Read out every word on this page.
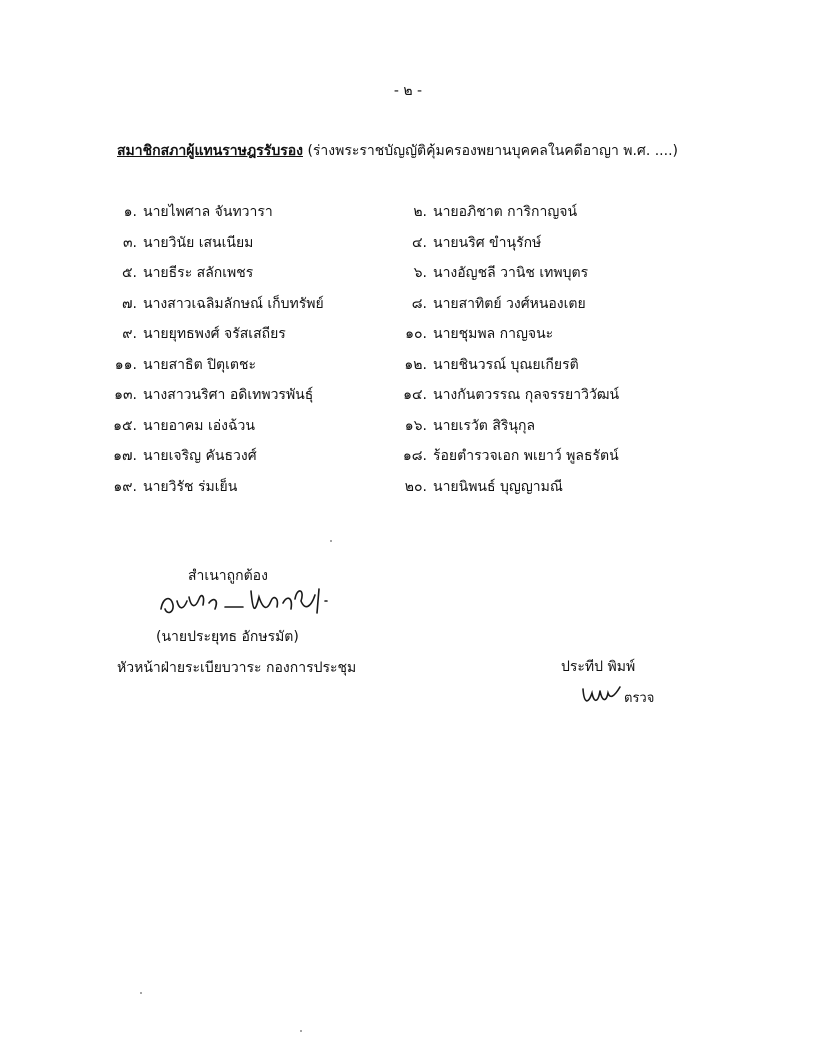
- ๒ -
สมาชิกสภาผู้แทนราษฎรรับรอง (ร่างพระราชบัญญัติคุ้มครองพยานบุคคลในคดีอาญา พ.ศ. ....)
๑. นายไพศาล จันทวารา	๒. นายอภิชาต การิกาญจน์
๓. นายวินัย เสนเนียม	๔. นายนริศ ขำนุรักษ์
๕. นายธีระ สลักเพชร	๖. นางอัญชลี วานิช เทพบุตร
๗. นางสาวเฉลิมลักษณ์ เก็บทรัพย์	๘. นายสาทิตย์ วงศ์หนองเตย
๙. นายยุทธพงศ์ จรัสเสถียร	๑๐. นายชุมพล กาญจนะ
๑๑. นายสาธิต ปิตุเตชะ	๑๒. นายชินวรณ์ บุณยเกียรติ
๑๓. นางสาวนริศา อดิเทพวรพันธุ์	๑๔. นางกันตวรรณ กุลจรรยาวิวัฒน์
๑๕. นายอาคม เอ่งฉ้วน	๑๖. นายเรวัต สิรินุกุล
๑๗. นายเจริญ คันธวงศ์	๑๘. ร้อยตำรวจเอก พเยาว์ พูลธรัตน์
๑๙. นายวิรัช ร่มเย็น	๒๐. นายนิพนธ์ บุญญามณี
สำเนาถูกต้อง
(นายประยุทธ อักษรมัต)
หัวหน้าฝ่ายระเบียบวาระ กองการประชุม	ประทีป พิมพ์
ตรวจ
